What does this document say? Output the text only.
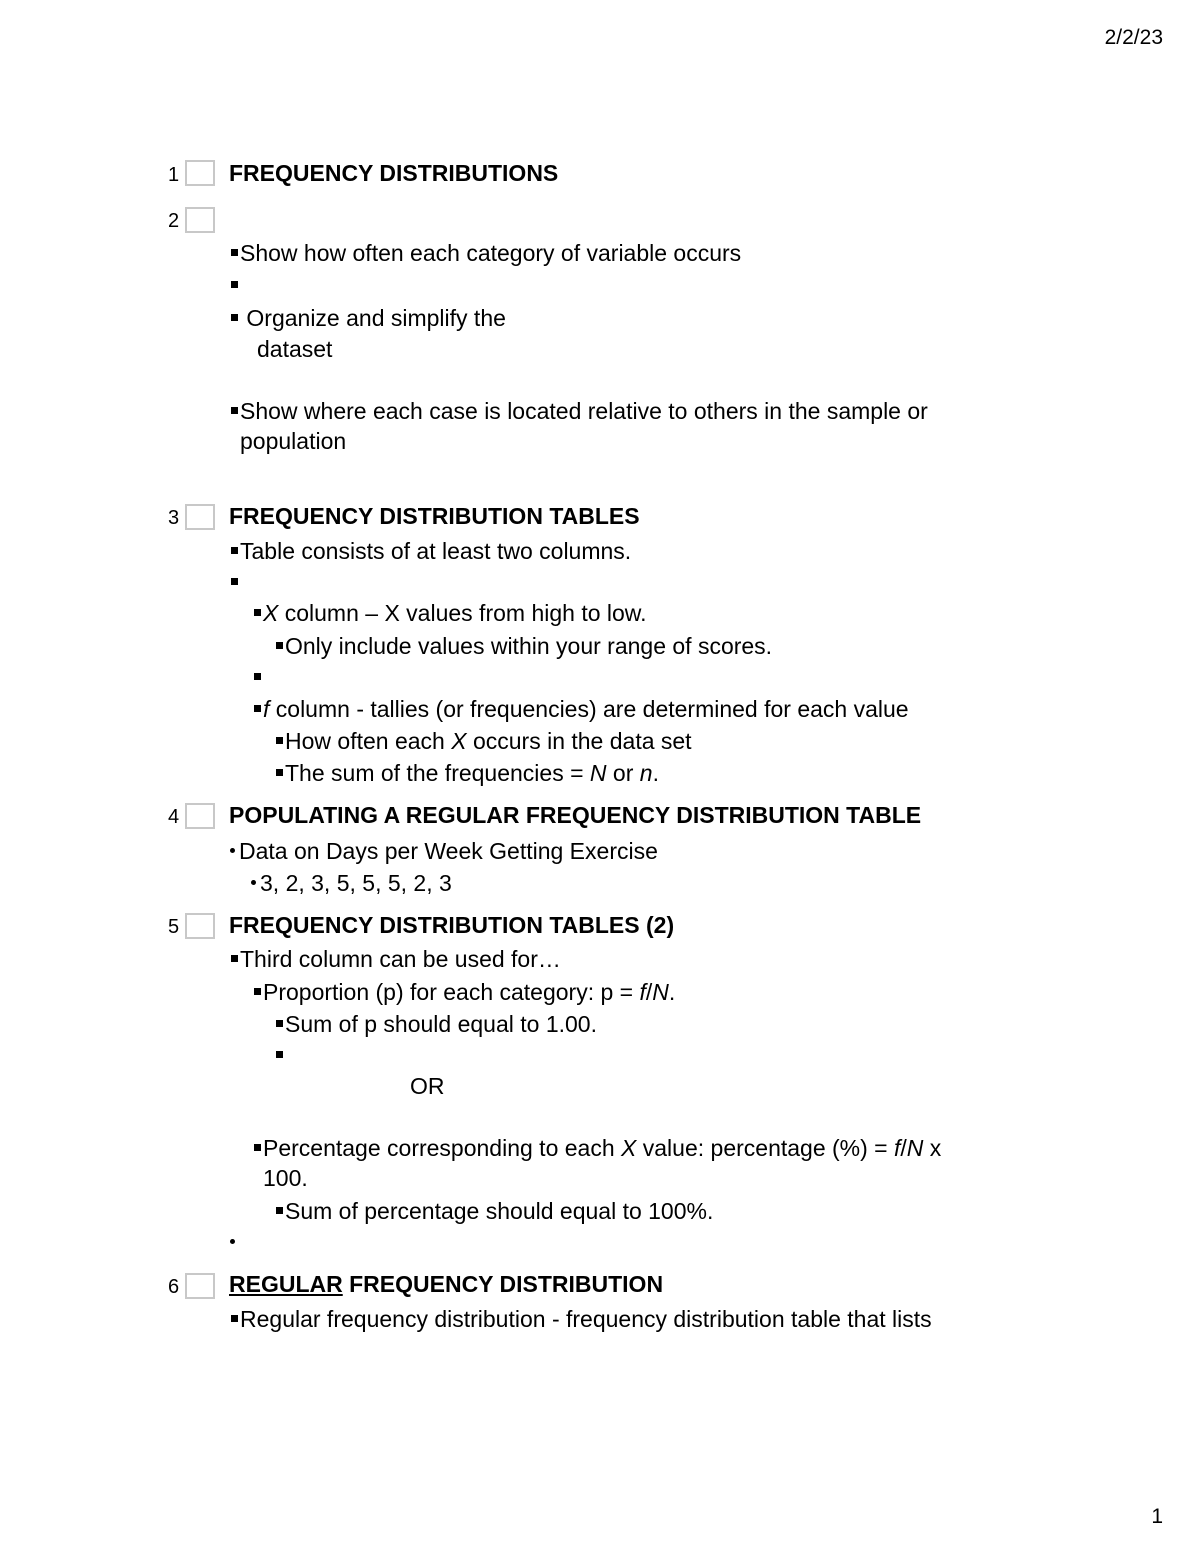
2/2/23
1 FREQUENCY DISTRIBUTIONS
2
Show how often each category of variable occurs
Organize and simplify the
dataset
Show where each case is located relative to others in the sample or
population
3 FREQUENCY DISTRIBUTION TABLES
Table consists of at least two columns.
X column – X values from high to low.
Only include values within your range of scores.
f column - tallies (or frequencies) are determined for each value
How often each X occurs in the data set
The sum of the frequencies = N or n.
4 POPULATING A REGULAR FREQUENCY DISTRIBUTION TABLE
Data on Days per Week Getting Exercise
3, 2, 3, 5, 5, 5, 2, 3
5 FREQUENCY DISTRIBUTION TABLES (2)
Third column can be used for…
Proportion (p) for each category: p = f/N.
Sum of p should equal to 1.00.
OR
Percentage corresponding to each X value: percentage (%) = f/N x
100.
Sum of percentage should equal to 100%.
6 REGULAR FREQUENCY DISTRIBUTION
Regular frequency distribution - frequency distribution table that lists
1
